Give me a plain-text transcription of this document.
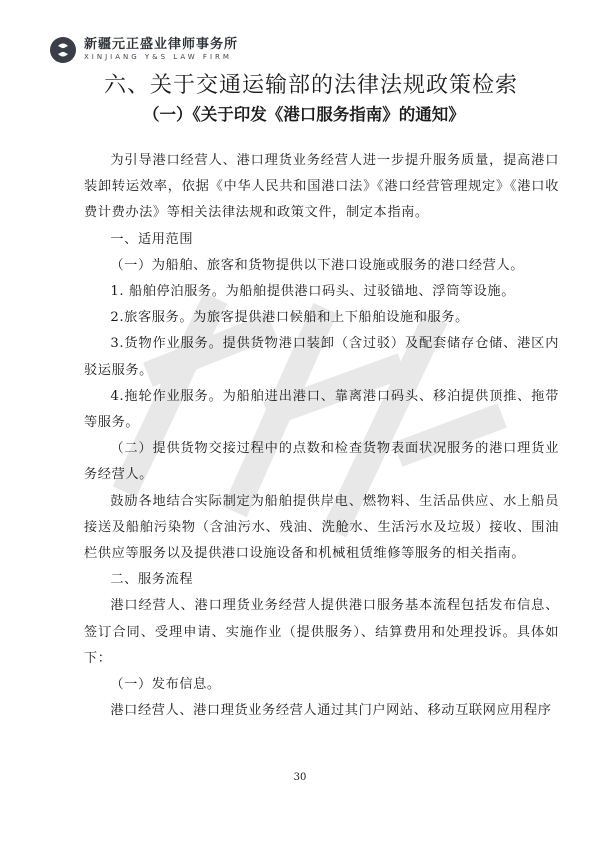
新疆元正盛业律师事务所
XINJIANG Y&S LAW FIRM
六、关于交通运输部的法律法规政策检索
（一）《关于印发《港口服务指南》的通知》

为引导港口经营人、港口理货业务经营人进一步提升服务质量，提高港口装卸转运效率，依据《中华人民共和国港口法》《港口经营管理规定》《港口收费计费办法》等相关法律法规和政策文件，制定本指南。

一、适用范围

（一）为船舶、旅客和货物提供以下港口设施或服务的港口经营人。

1. 船舶停泊服务。为船舶提供港口码头、过驳锚地、浮筒等设施。

2.旅客服务。为旅客提供港口候船和上下船舶设施和服务。

3.货物作业服务。提供货物港口装卸（含过驳）及配套储存仓储、港区内驳运服务。

4.拖轮作业服务。为船舶进出港口、靠离港口码头、移泊提供顶推、拖带等服务。

（二）提供货物交接过程中的点数和检查货物表面状况服务的港口理货业务经营人。

鼓励各地结合实际制定为船舶提供岸电、燃物料、生活品供应、水上船员接送及船舶污染物（含油污水、残油、洗舱水、生活污水及垃圾）接收、围油栏供应等服务以及提供港口设施设备和机械租赁维修等服务的相关指南。

二、服务流程

港口经营人、港口理货业务经营人提供港口服务基本流程包括发布信息、签订合同、受理申请、实施作业（提供服务）、结算费用和处理投诉。具体如下：

（一）发布信息。

港口经营人、港口理货业务经营人通过其门户网站、移动互联网应用程序

30
